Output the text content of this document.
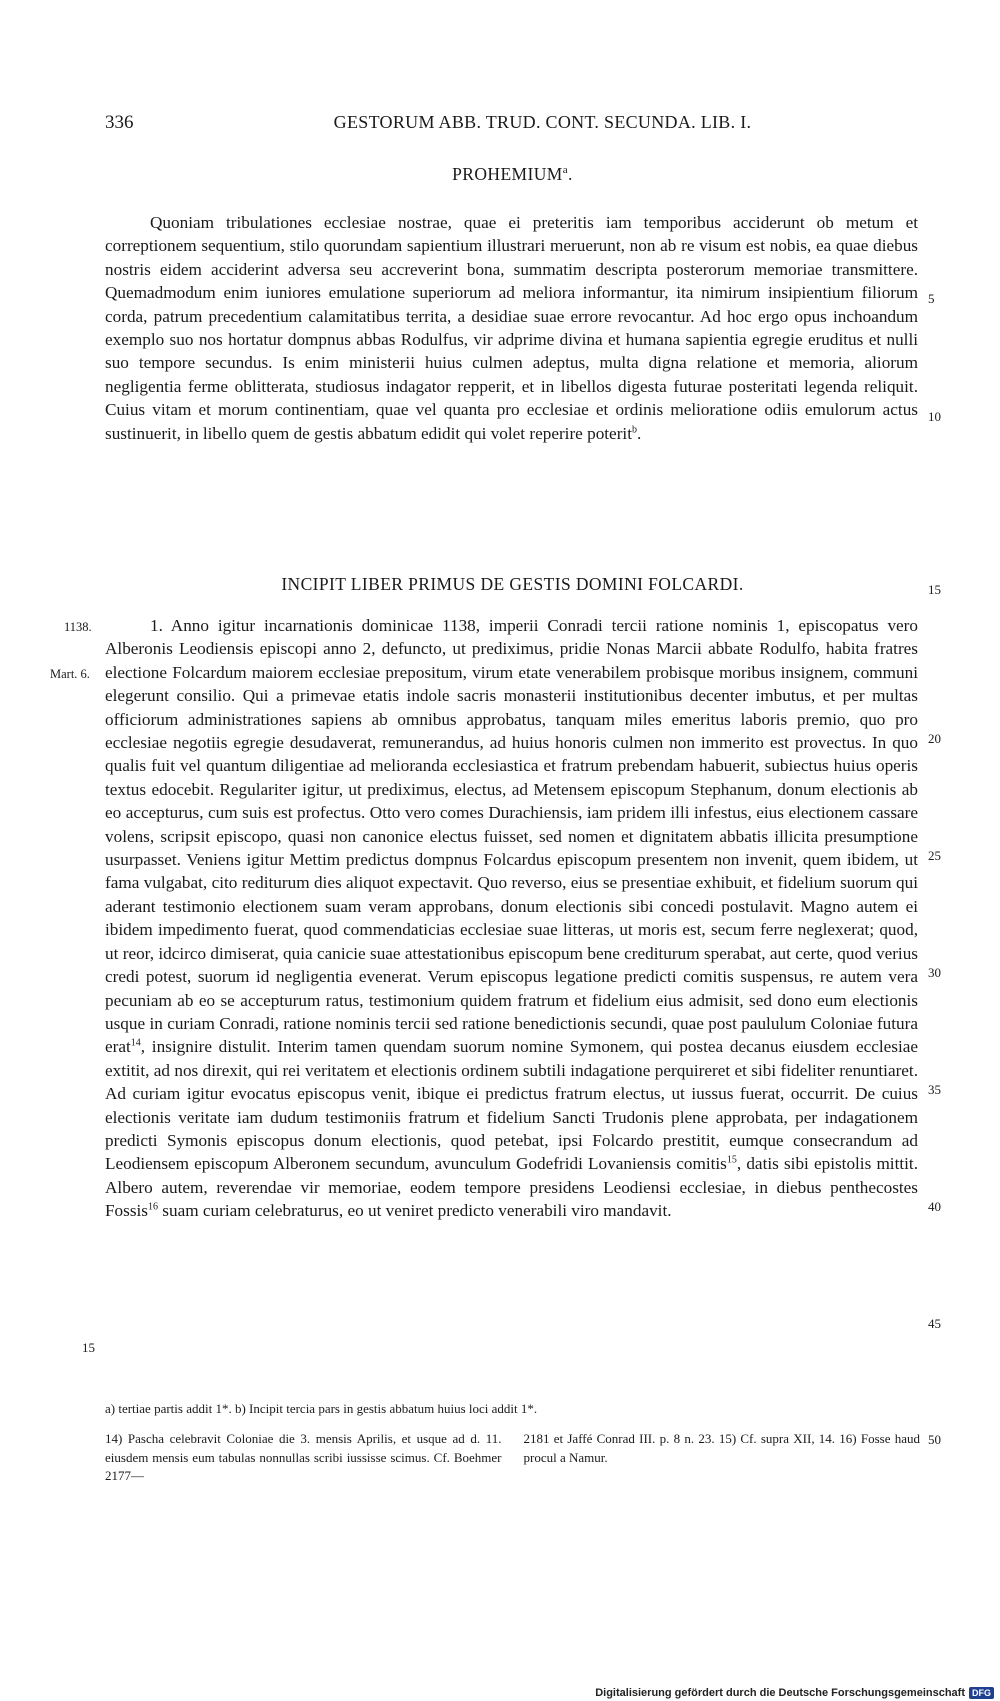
336	GESTORUM ABB. TRUD. CONT. SECUNDA. LIB. I.
PROHEMIUM$^a$.

Quoniam tribulationes ecclesiae nostrae, quae ei preteritis iam temporibus acciderunt ob metum et correptionem sequentium, stilo quorundam sapientium illustrari meruerunt, non ab re visum est nobis, ea quae diebus nostris eidem acciderint adversa seu accreverint bona, summatim descripta posterorum memoriae transmittere. Quemadmodum enim iuniores emulatione superiorum ad meliora informantur, ita nimirum insipientium filiorum corda, patrum precedentium calamitatibus territa, a desidiae suae errore revocantur. Ad hoc ergo opus inchoandum exemplo suo nos hortatur dompnus abbas Rodulfus, vir adprime divina et humana sapientia egregie eruditus et nulli suo tempore secundus. Is enim ministerii huius culmen adeptus, multa digna relatione et memoria, aliorum negligentia ferme oblitterata, studiosus indagator repperit, et in libellos digesta futurae posteritati legenda reliquit. Cuius vitam et morum continentiam, quae vel quanta pro ecclesiae et ordinis melioratione odiis emulorum actus sustinuerit, in libello quem de gestis abbatum edidit qui volet reperire poterit$^b$.

INCIPIT LIBER PRIMUS DE GESTIS DOMINI FOLCARDI.	15
1138.
Mart. 6.

1. Anno igitur incarnationis dominicae 1138, imperii Conradi tercii ratione nominis 1, episcopatus vero Alberonis Leodiensis episcopi anno 2, defuncto, ut prediximus, pridie Nonas Marcii abbate Rodulfo, habita fratres electione Folcardum maiorem ecclesiae prepositum, virum etate venerabilem probisque moribus insignem, communi elegerunt consilio. Qui a primevae etatis indole sacris monasterii institutionibus decenter imbutus, et per multas officiorum administrationes sapiens ab omnibus approbatus, tanquam miles emeritus laboris premio, quo pro ecclesiae negotiis egregie desudaverat, remunerandus, ad huius honoris culmen non immerito est provectus. In quo qualis fuit vel quantum diligentiae ad melioranda ecclesiastica et fratrum prebendam habuerit, subiectus huius operis textus edocebit. Regulariter igitur, ut prediximus, electus, ad Metensem episcopum Stephanum, donum electionis ab eo accepturus, cum suis est profectus. Otto vero comes Durachiensis, iam pridem illi infestus, eius electionem cassare volens, scripsit episcopo, quasi non canonice electus fuisset, sed nomen et dignitatem abbatis illicita presumptione usurpasset. Veniens igitur Mettim predictus dompnus Folcardus episcopum presentem non invenit, quem ibidem, ut fama vulgabat, cito rediturum dies aliquot expectavit. Quo reverso, eius se presentiae exhibuit, et fidelium suorum qui aderant testimonio electionem suam veram approbans, donum electionis sibi concedi postulavit. Magno autem ei ibidem impedimento fuerat, quod commendaticias ecclesiae suae litteras, ut moris est, secum ferre neglexerat; quod, ut reor, idcirco dimiserat, quia canicie suae attestationibus episcopum bene crediturum sperabat, aut certe, quod verius credi potest, suorum id negligentia evenerat. Verum episcopus legatione predicti comitis suspensus, re autem vera pecuniam ab eo se accepturum ratus, testimonium quidem fratrum et fidelium eius admisit, sed dono eum electionis usque in curiam Conradi, ratione nominis tercii sed ratione benedictionis secundi, quae post paululum Coloniae futura erat$^{14}$, insignire distulit. Interim tamen quendam suorum nomine Symonem, qui postea decanus eiusdem ecclesiae extitit, ad nos direxit, qui rei veritatem et electionis ordinem subtili indagatione perquireret et sibi fideliter renuntiaret. Ad curiam igitur evocatus episcopus venit, ibique ei predictus fratrum electus, ut iussus fuerat, occurrit. De cuius electionis veritate iam dudum testimoniis fratrum et fidelium Sancti Trudonis plene approbata, per indagationem predicti Symonis episcopus donum electionis, quod petebat, ipsi Folcardo prestitit, eumque consecrandum ad Leodiensem episcopum Alberonem secundum, avunculum Godefridi Lovaniensis comitis$^{15}$, datis sibi epistolis mittit. Albero autem, reverendae vir memoriae, eodem tempore presidens Leodiensi ecclesiae, in diebus penthecostes Fossis$^{16}$ suam curiam celebraturus, eo ut veniret predicto venerabili viro mandavit.

5
10
20
25
30
35
40
45
15

a) tertiae partis addit 1*. b) Incipit tercia pars in gestis abbatum huius loci addit 1*.

14) Pascha celebravit Coloniae die 3. mensis Aprilis, et usque ad d. 11. eiusdem mensis eum tabulas nonnullas scribi iussisse scimus. Cf. Boehmer 2177—

2181 et Jaffé Conrad III. p. 8 n. 23. 15) Cf. supra XII, 14. 16) Fosse haud procul a Namur.

50
Digitalisierung gefördert durch die Deutsche Forschungsgemeinschaft DFG
